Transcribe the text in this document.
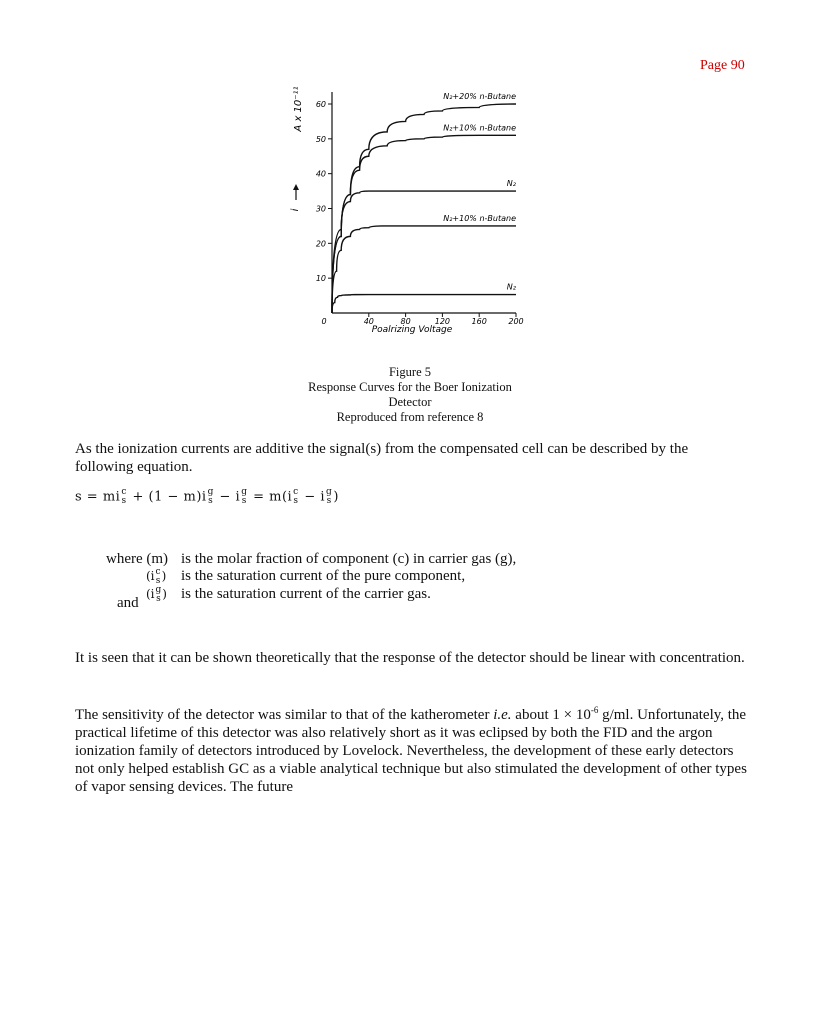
Page 90
10
20
30
40
50
60
0	40	80	120	160	200
N₂+20% n-Butane
N₂+10% n-Butane
N₂
N₂+10% n-Butane
N₂
A x 10⁻¹¹
i
Poalrizing Voltage
Figure 5
Response Curves for the Boer Ionization
Detector
Reproduced from reference 8
As the ionization currents are additive the signal(s) from the compensated cell can be described by the following equation.
s = mi c
s + (1 − m)i g
s − i g
s = m(i c
s − i g
s )
where (m) is the molar fraction of component (c) in carrier gas (g),
(i c
s ) is the saturation current of the pure component,
and
(i g
s ) is the saturation current of the carrier gas.
It is seen that it can be shown theoretically that the response of the detector should be linear with concentration.
The sensitivity of the detector was similar to that of the katherometer i.e. about $1 \times 10^{-6}$ g/ml. Unfortunately, the practical lifetime of this detector was also relatively short as it was eclipsed by both the FID and the argon ionization family of detectors introduced by Lovelock. Nevertheless, the development of these early detectors not only helped establish GC as a viable analytical technique but also stimulated the development of other types of vapor sensing devices. The future
